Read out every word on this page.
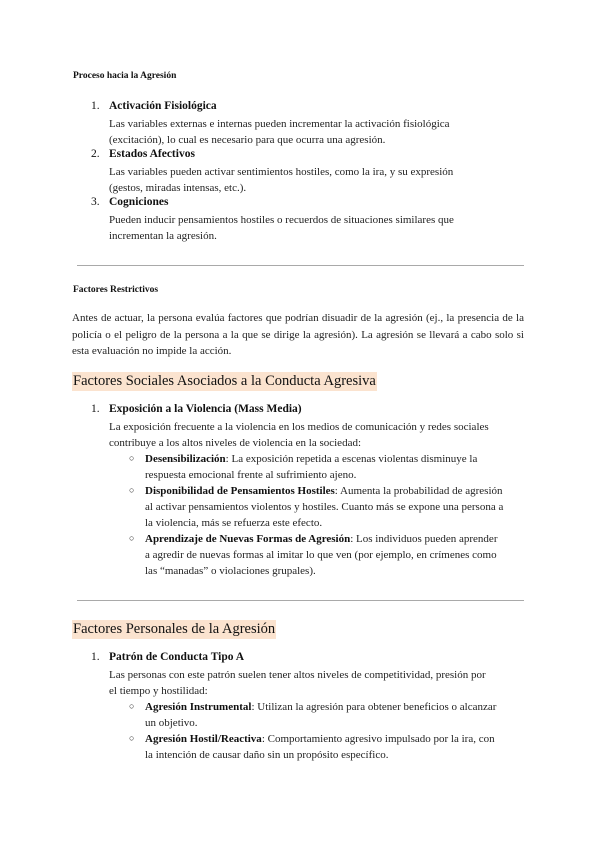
Proceso hacia la Agresión
1. Activación Fisiológica
Las variables externas e internas pueden incrementar la activación fisiológica
(excitación), lo cual es necesario para que ocurra una agresión.
2. Estados Afectivos
Las variables pueden activar sentimientos hostiles, como la ira, y su expresión
(gestos, miradas intensas, etc.).
3. Cogniciones
Pueden inducir pensamientos hostiles o recuerdos de situaciones similares que
incrementan la agresión.
Factores Restrictivos
Antes de actuar, la persona evalúa factores que podrían disuadir de la agresión (ej., la presencia de la policía o el peligro de la persona a la que se dirige la agresión). La agresión se llevará a cabo solo si esta evaluación no impide la acción.
Factores Sociales Asociados a la Conducta Agresiva
1. Exposición a la Violencia (Mass Media)
La exposición frecuente a la violencia en los medios de comunicación y redes sociales
contribuye a los altos niveles de violencia en la sociedad:
○ Desensibilización: La exposición repetida a escenas violentas disminuye la respuesta emocional frente al sufrimiento ajeno.
○ Disponibilidad de Pensamientos Hostiles: Aumenta la probabilidad de agresión al activar pensamientos violentos y hostiles. Cuanto más se expone una persona a la violencia, más se refuerza este efecto.
○ Aprendizaje de Nuevas Formas de Agresión: Los individuos pueden aprender a agredir de nuevas formas al imitar lo que ven (por ejemplo, en crímenes como las “manadas” o violaciones grupales).
Factores Personales de la Agresión
1. Patrón de Conducta Tipo A
Las personas con este patrón suelen tener altos niveles de competitividad, presión por
el tiempo y hostilidad:
○ Agresión Instrumental: Utilizan la agresión para obtener beneficios o alcanzar un objetivo.
○ Agresión Hostil/Reactiva: Comportamiento agresivo impulsado por la ira, con la intención de causar daño sin un propósito específico.
